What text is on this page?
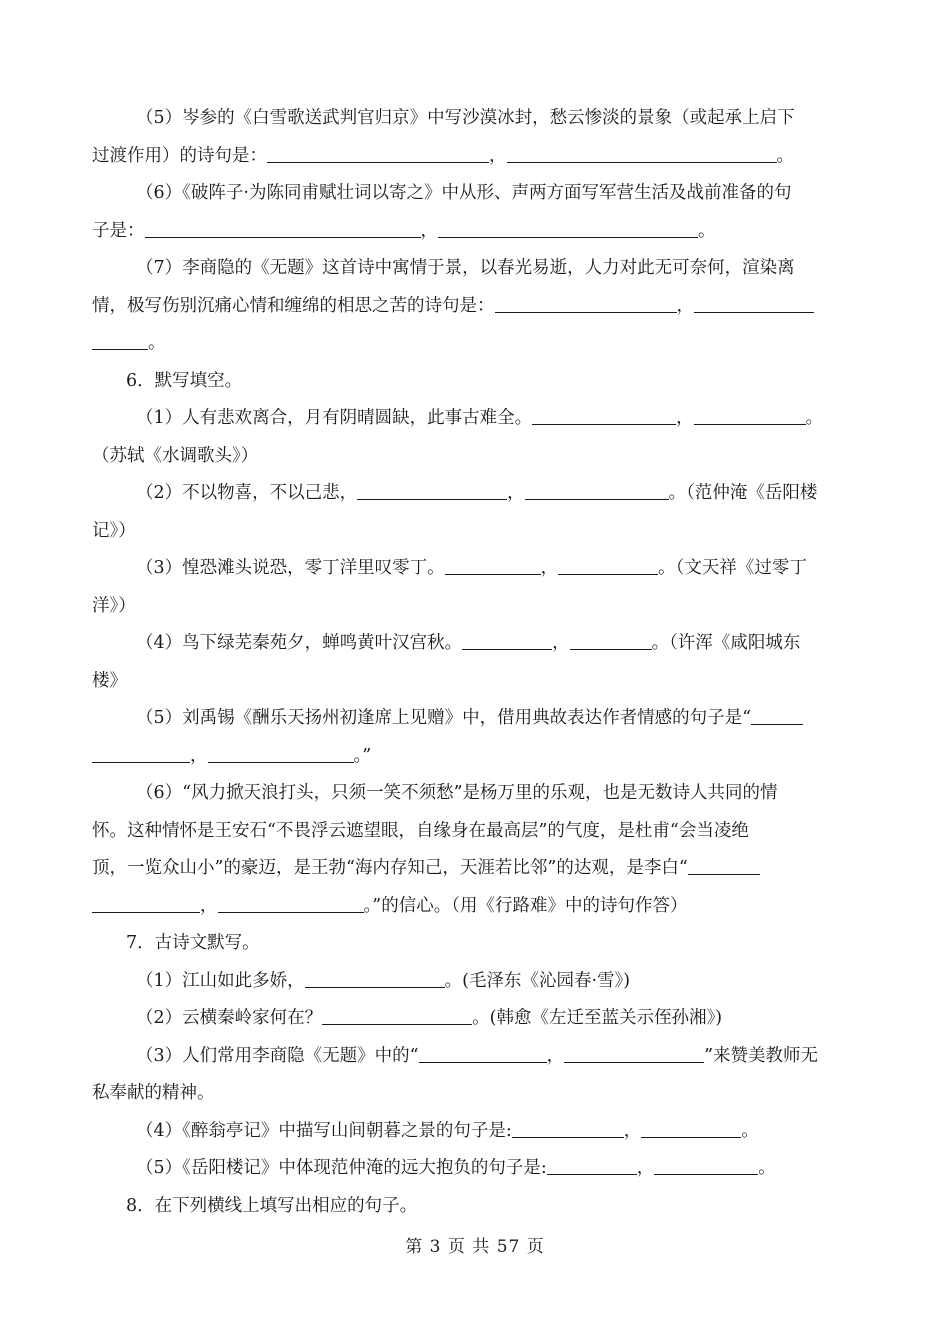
（5）岑参的《白雪歌送武判官归京》中写沙漠冰封，愁云惨淡的景象（或起承上启下
过渡作用）的诗句是：	，	。
（6）《破阵子·为陈同甫赋壮词以寄之》中从形、声两方面写军营生活及战前准备的句
子是：	，	。
（7）李商隐的《无题》这首诗中寓情于景，以春光易逝，人力对此无可奈何，渲染离
情，极写伤别沉痛心情和缠绵的相思之苦的诗句是：	，
。
6．默写填空。
（1）人有悲欢离合，月有阴晴圆缺，此事古难全。	，	。
（苏轼《水调歌头》）
（2）不以物喜，不以己悲，	，	。（范仲淹《岳阳楼
记》）
（3）惶恐滩头说恐，零丁洋里叹零丁。	，	。（文天祥《过零丁
洋》）
（4）鸟下绿芜秦苑夕，蝉鸣黄叶汉宫秋。	，	。（许浑《咸阳城东
楼》
（5）刘禹锡《酬乐天扬州初逢席上见赠》中，借用典故表达作者情感的句子是“
，	。”
（6）“风力掀天浪打头，只须一笑不须愁”是杨万里的乐观，也是无数诗人共同的情
怀。这种情怀是王安石“不畏浮云遮望眼，自缘身在最高层”的气度，是杜甫“会当凌绝
顶，一览众山小”的豪迈，是王勃“海内存知己，天涯若比邻”的达观，是李白“
，	。”的信心。（用《行路难》中的诗句作答）
7．古诗文默写。
（1）江山如此多娇，	。(毛泽东《沁园春·雪》)
（2）云横秦岭家何在？	。(韩愈《左迁至蓝关示侄孙湘》)
（3）人们常用李商隐《无题》中的“	，	”来赞美教师无
私奉献的精神。
（4）《醉翁亭记》中描写山间朝暮之景的句子是:	，	。
（5）《岳阳楼记》中体现范仲淹的远大抱负的句子是:	，	。
8．在下列横线上填写出相应的句子。
第 3 页 共 57 页
